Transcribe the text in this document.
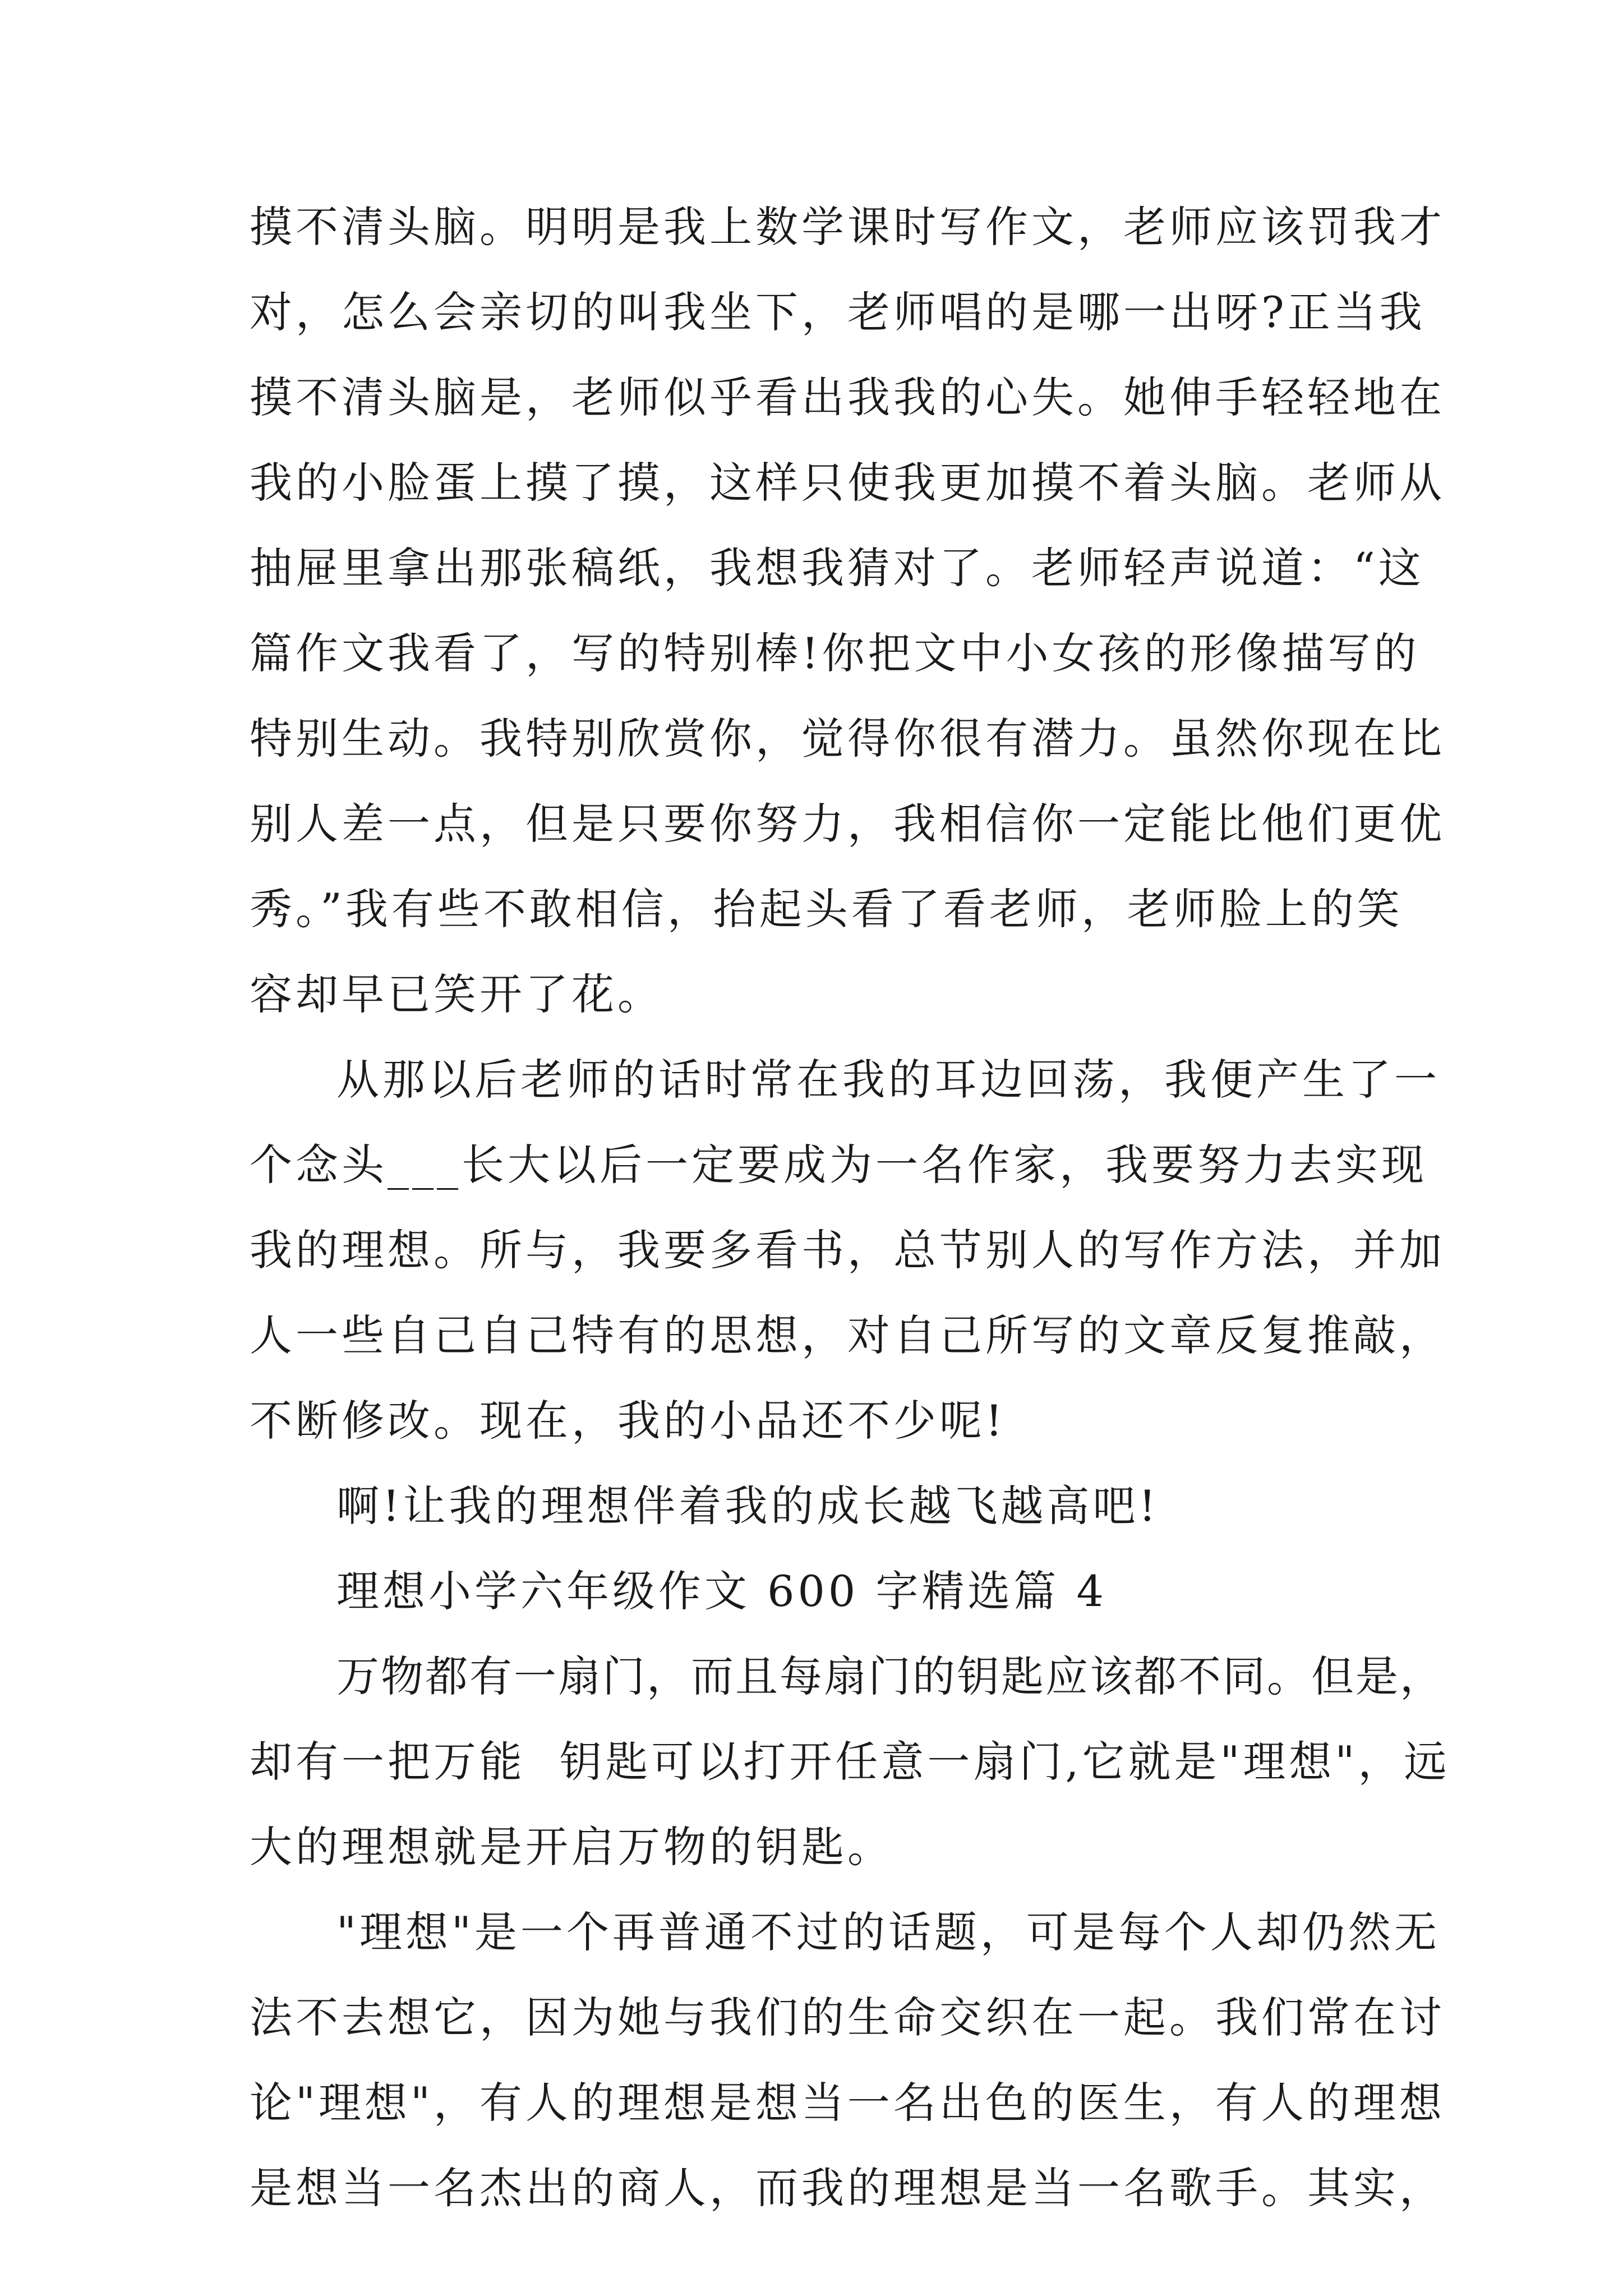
摸不清头脑。明明是我上数学课时写作文，老师应该罚我才
对，怎么会亲切的叫我坐下，老师唱的是哪一出呀?正当我
摸不清头脑是，老师似乎看出我我的心失。她伸手轻轻地在
我的小脸蛋上摸了摸，这样只使我更加摸不着头脑。老师从
抽屉里拿出那张稿纸，我想我猜对了。老师轻声说道：“这
篇作文我看了，写的特别棒!你把文中小女孩的形像描写的
特别生动。我特别欣赏你，觉得你很有潜力。虽然你现在比
别人差一点，但是只要你努力，我相信你一定能比他们更优
秀。”我有些不敢相信，抬起头看了看老师，老师脸上的笑
容却早已笑开了花。
从那以后老师的话时常在我的耳边回荡，我便产生了一
个念头___长大以后一定要成为一名作家，我要努力去实现
我的理想。所与，我要多看书，总节别人的写作方法，并加
人一些自己自己特有的思想，对自己所写的文章反复推敲，
不断修改。现在，我的小品还不少呢!
啊!让我的理想伴着我的成长越飞越高吧!
理想小学六年级作文 600 字精选篇 4
万物都有一扇门，而且每扇门的钥匙应该都不同。但是，
却有一把万能  钥匙可以打开任意一扇门,它就是"理想"，远
大的理想就是开启万物的钥匙。
"理想"是一个再普通不过的话题，可是每个人却仍然无
法不去想它，因为她与我们的生命交织在一起。我们常在讨
论"理想"，有人的理想是想当一名出色的医生，有人的理想
是想当一名杰出的商人，而我的理想是当一名歌手。其实，
